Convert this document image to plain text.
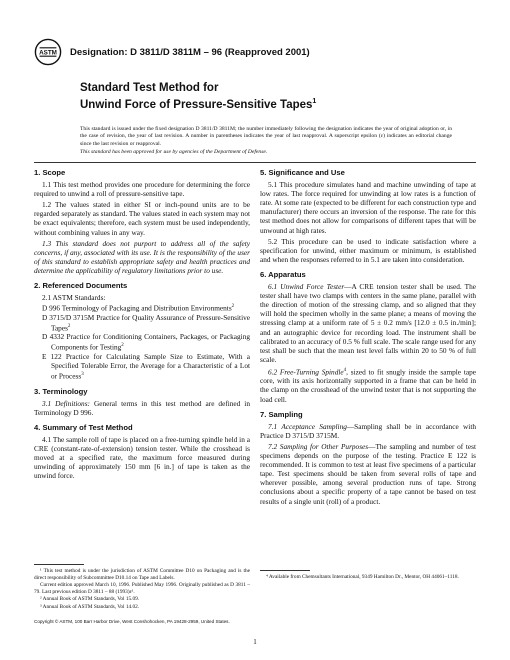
ASTM Designation: D 3811/D 3811M – 96 (Reapproved 2001)
Standard Test Method for
Unwind Force of Pressure-Sensitive Tapes$^1$
This standard is issued under the fixed designation D 3811/D 3811M; the number immediately following the designation indicates the year of original adoption or, in the case of revision, the year of last revision. A number in parentheses indicates the year of last reapproval. A superscript epsilon (ε) indicates an editorial change since the last revision or reapproval.
This standard has been approved for use by agencies of the Department of Defense.
1. Scope

1.1 This test method provides one procedure for determining the force required to unwind a roll of pressure-sensitive tape.

1.2 The values stated in either SI or inch-pound units are to be regarded separately as standard. The values stated in each system may not be exact equivalents; therefore, each system must be used independently, without combining values in any way.

1.3 This standard does not purport to address all of the safety concerns, if any, associated with its use. It is the responsibility of the user of this standard to establish appropriate safety and health practices and determine the applicability of regulatory limitations prior to use.

2. Referenced Documents

2.1 ASTM Standards:

D 996 Terminology of Packaging and Distribution Environments$^2$

D 3715/D 3715M Practice for Quality Assurance of Pressure-Sensitive Tapes$^2$

D 4332 Practice for Conditioning Containers, Packages, or Packaging Components for Testing$^2$

E 122 Practice for Calculating Sample Size to Estimate, With a Specified Tolerable Error, the Average for a Characteristic of a Lot or Process$^3$

3. Terminology

3.1 Definitions: General terms in this test method are defined in Terminology D 996.

4. Summary of Test Method

4.1 The sample roll of tape is placed on a free-turning spindle held in a CRE (constant-rate-of-extension) tension tester. While the crosshead is moved at a specified rate, the maximum force measured during unwinding of approximately 150 mm [6 in.] of tape is taken as the unwind force.

5. Significance and Use

5.1 This procedure simulates hand and machine unwinding of tape at low rates. The force required for unwinding at low rates is a function of rate. At some rate (expected to be different for each construction type and manufacturer) there occurs an inversion of the response. The rate for this test method does not allow for comparisons of different tapes that will be unwound at high rates.

5.2 This procedure can be used to indicate satisfaction where a specification for unwind, either maximum or minimum, is established and when the responses referred to in 5.1 are taken into consideration.

6. Apparatus

6.1 Unwind Force Tester—A CRE tension tester shall be used. The tester shall have two clamps with centers in the same plane, parallel with the direction of motion of the stressing clamp, and so aligned that they will hold the specimen wholly in the same plane; a means of moving the stressing clamp at a uniform rate of 5 ± 0.2 mm/s [12.0 ± 0.5 in./min]; and an autographic device for recording load. The instrument shall be calibrated to an accuracy of 0.5 % full scale. The scale range used for any test shall be such that the mean test level falls within 20 to 50 % of full scale.

6.2 Free-Turning Spindle$^4$, sized to fit snugly inside the sample tape core, with its axis horizontally supported in a frame that can be held in the clamp on the crosshead of the unwind tester that is not supporting the load cell.

7. Sampling

7.1 Acceptance Sampling—Sampling shall be in accordance with Practice D 3715/D 3715M.

7.2 Sampling for Other Purposes—The sampling and number of test specimens depends on the purpose of the testing. Practice E 122 is recommended. It is common to test at least five specimens of a particular tape. Test specimens should be taken from several rolls of tape and wherever possible, among several production runs of tape. Strong conclusions about a specific property of a tape cannot be based on test results of a single unit (roll) of a product.

¹ This test method is under the jurisdiction of ASTM Committee D10 on Packaging and is the direct responsibility of Subcommittee D10.14 on Tape and Labels.

Current edition approved March 10, 1996. Published May 1996. Originally published as D 3811 – 79. Last previous edition D 3811 – 88 (1993)ε¹.

² Annual Book of ASTM Standards, Vol 15.09.

³ Annual Book of ASTM Standards, Vol 14.02.

⁴ Available from Chemsultants International, 9349 Hamilton Dr., Mentor, OH 44061–1118.

Copyright © ASTM, 100 Barr Harbor Drive, West Conshohocken, PA 19428-2959, United States.
1
